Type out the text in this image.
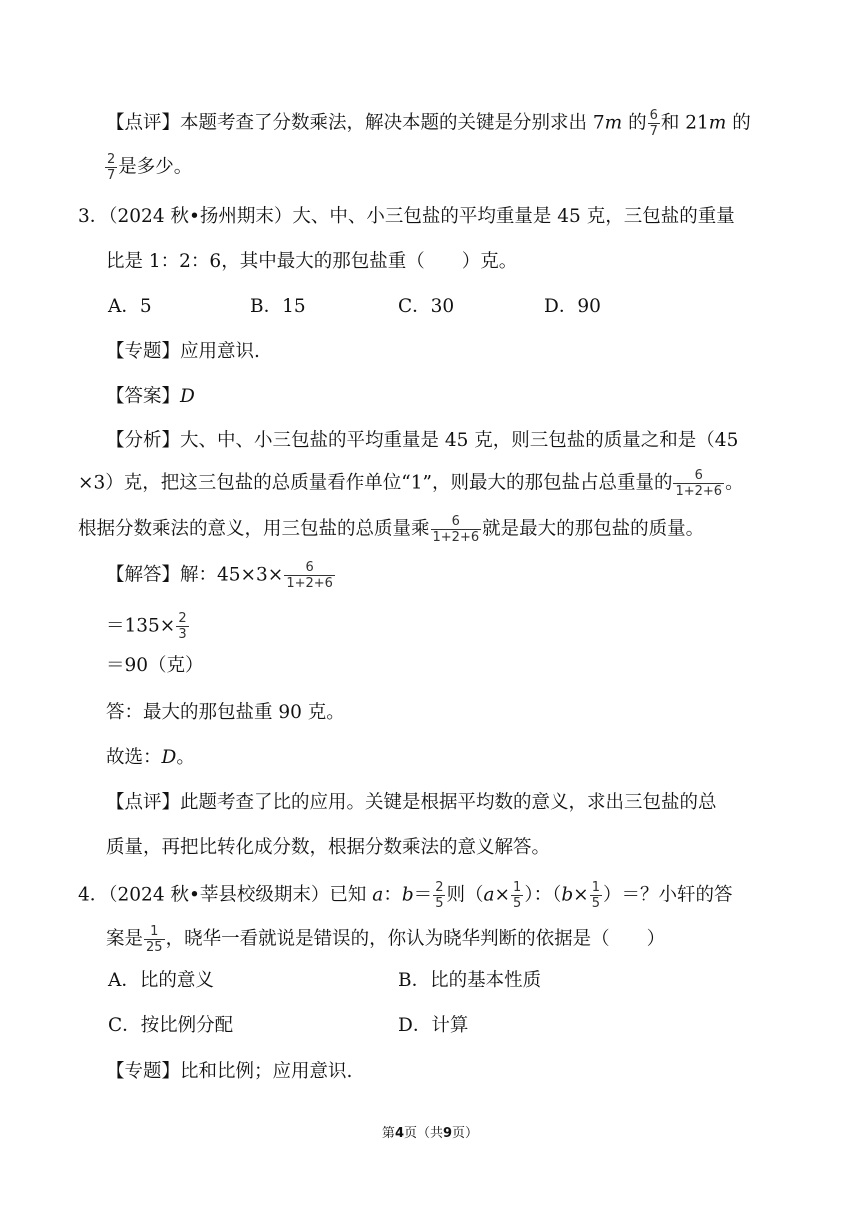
【点评】本题考查了分数乘法，解决本题的关键是分别求出 7m 的 $\frac{6}{7}$ 和 21m 的
$\frac{2}{7}$ 是多少。
3．（2024 秋•扬州期末）大、中、小三包盐的平均重量是 45 克，三包盐的重量
比是 1：2：6，其中最大的那包盐重（　　）克。
A．5	B．15	C．30	D．90
【专题】应用意识.
【答案】D
【分析】大、中、小三包盐的平均重量是 45 克，则三包盐的质量之和是（45
×3）克，把这三包盐的总质量看作单位“1”，则最大的那包盐占总重量的 $\frac{6}{1+2+6}$ 。
根据分数乘法的意义，用三包盐的总质量乘 $\frac{6}{1+2+6}$ 就是最大的那包盐的质量。
【解答】解：$45\times 3\times \frac{6}{1+2+6}$
$=135\times \frac{2}{3}$
＝90（克）
答：最大的那包盐重 90 克。
故选：D。
【点评】此题考查了比的应用。关键是根据平均数的意义，求出三包盐的总
质量，再把比转化成分数，根据分数乘法的意义解答。
4．（2024 秋•莘县校级期末）已知 a：$b= \frac{2}{5}$ 则（$a\times \frac{1}{5}$ ）：（$b\times \frac{1}{5}$ ）＝？小轩的答
案是 $\frac{1}{25}$ ，晓华一看就说是错误的，你认为晓华判断的依据是（　　）
A．比的意义	B．比的基本性质
C．按比例分配	D．计算
【专题】比和比例；应用意识.
第4页（共9页）
